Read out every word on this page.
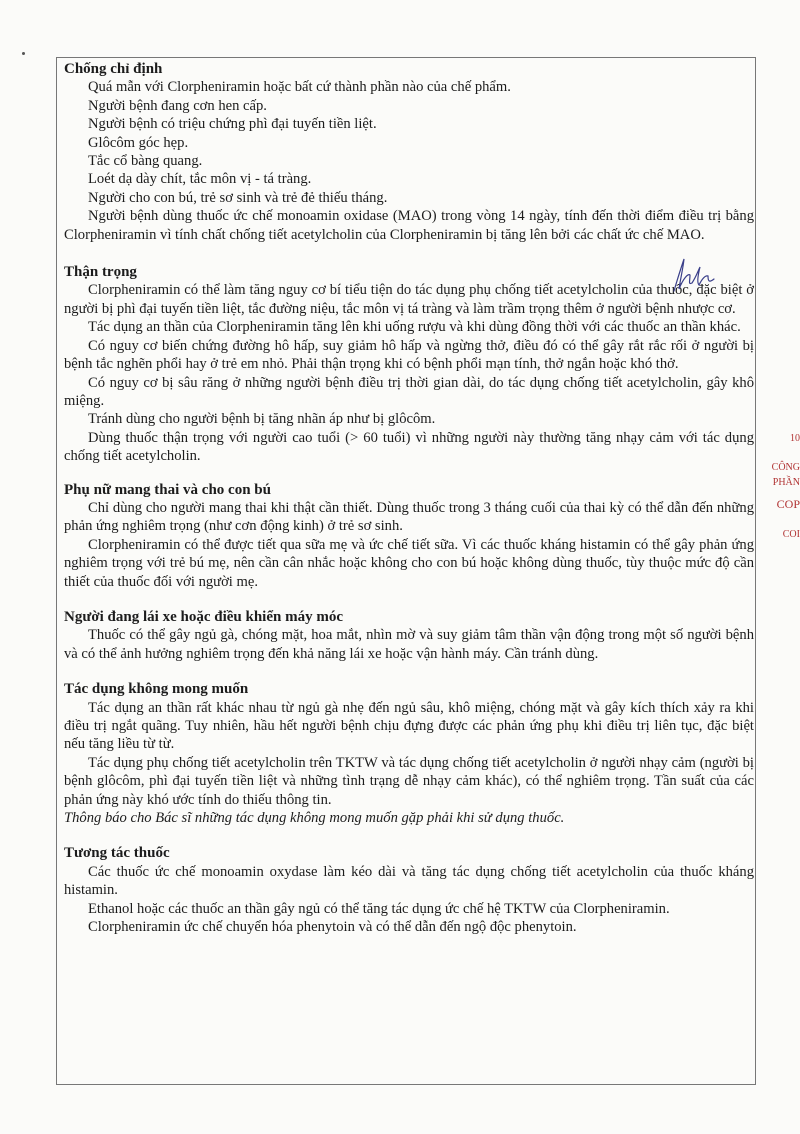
Chống chỉ định

Quá mẫn với Clorpheniramin hoặc bất cứ thành phần nào của chế phẩm.

Người bệnh đang cơn hen cấp.

Người bệnh có triệu chứng phì đại tuyến tiền liệt.

Glôcôm góc hẹp.

Tắc cổ bàng quang.

Loét dạ dày chít, tắc môn vị - tá tràng.

Người cho con bú, trẻ sơ sinh và trẻ đẻ thiếu tháng.

Người bệnh dùng thuốc ức chế monoamin oxidase (MAO) trong vòng 14 ngày, tính đến thời điểm điều trị bằng Clorpheniramin vì tính chất chống tiết acetylcholin của Clorpheniramin bị tăng lên bởi các chất ức chế MAO.

Thận trọng

Clorpheniramin có thể làm tăng nguy cơ bí tiểu tiện do tác dụng phụ chống tiết acetylcholin của thuốc, đặc biệt ở người bị phì đại tuyến tiền liệt, tắc đường niệu, tắc môn vị tá tràng và làm trầm trọng thêm ở người bệnh nhược cơ.

Tác dụng an thần của Clorpheniramin tăng lên khi uống rượu và khi dùng đồng thời với các thuốc an thần khác.

Có nguy cơ biến chứng đường hô hấp, suy giảm hô hấp và ngừng thở, điều đó có thể gây rắt rắc rối ở người bị bệnh tắc nghẽn phổi hay ở trẻ em nhỏ. Phải thận trọng khi có bệnh phổi mạn tính, thở ngắn hoặc khó thở.

Có nguy cơ bị sâu răng ở những người bệnh điều trị thời gian dài, do tác dụng chống tiết acetylcholin, gây khô miệng.

Tránh dùng cho người bệnh bị tăng nhãn áp như bị glôcôm.

Dùng thuốc thận trọng với người cao tuổi (> 60 tuổi) vì những người này thường tăng nhạy cảm với tác dụng chống tiết acetylcholin.

Phụ nữ mang thai và cho con bú

Chỉ dùng cho người mang thai khi thật cần thiết. Dùng thuốc trong 3 tháng cuối của thai kỳ có thể dẫn đến những phản ứng nghiêm trọng (như cơn động kinh) ở trẻ sơ sinh.

Clorpheniramin có thể được tiết qua sữa mẹ và ức chế tiết sữa. Vì các thuốc kháng histamin có thể gây phản ứng nghiêm trọng với trẻ bú mẹ, nên cần cân nhắc hoặc không cho con bú hoặc không dùng thuốc, tùy thuộc mức độ cần thiết của thuốc đối với người mẹ.

Người đang lái xe hoặc điều khiển máy móc

Thuốc có thể gây ngủ gà, chóng mặt, hoa mắt, nhìn mờ và suy giảm tâm thần vận động trong một số người bệnh và có thể ảnh hưởng nghiêm trọng đến khả năng lái xe hoặc vận hành máy. Cần tránh dùng.

Tác dụng không mong muốn

Tác dụng an thần rất khác nhau từ ngủ gà nhẹ đến ngủ sâu, khô miệng, chóng mặt và gây kích thích xảy ra khi điều trị ngắt quãng. Tuy nhiên, hầu hết người bệnh chịu đựng được các phản ứng phụ khi điều trị liên tục, đặc biệt nếu tăng liều từ từ.

Tác dụng phụ chống tiết acetylcholin trên TKTW và tác dụng chống tiết acetylcholin ở người nhạy cảm (người bị bệnh glôcôm, phì đại tuyến tiền liệt và những tình trạng dễ nhạy cảm khác), có thể nghiêm trọng. Tần suất của các phản ứng này khó ước tính do thiếu thông tin.

Thông báo cho Bác sĩ những tác dụng không mong muốn gặp phải khi sử dụng thuốc.

Tương tác thuốc

Các thuốc ức chế monoamin oxydase làm kéo dài và tăng tác dụng chống tiết acetylcholin của thuốc kháng histamin.

Ethanol hoặc các thuốc an thần gây ngủ có thể tăng tác dụng ức chế hệ TKTW của Clorpheniramin.

Clorpheniramin ức chế chuyển hóa phenytoin và có thể dẫn đến ngộ độc phenytoin.

10
CÔNG
PHẦN
COP
COI
